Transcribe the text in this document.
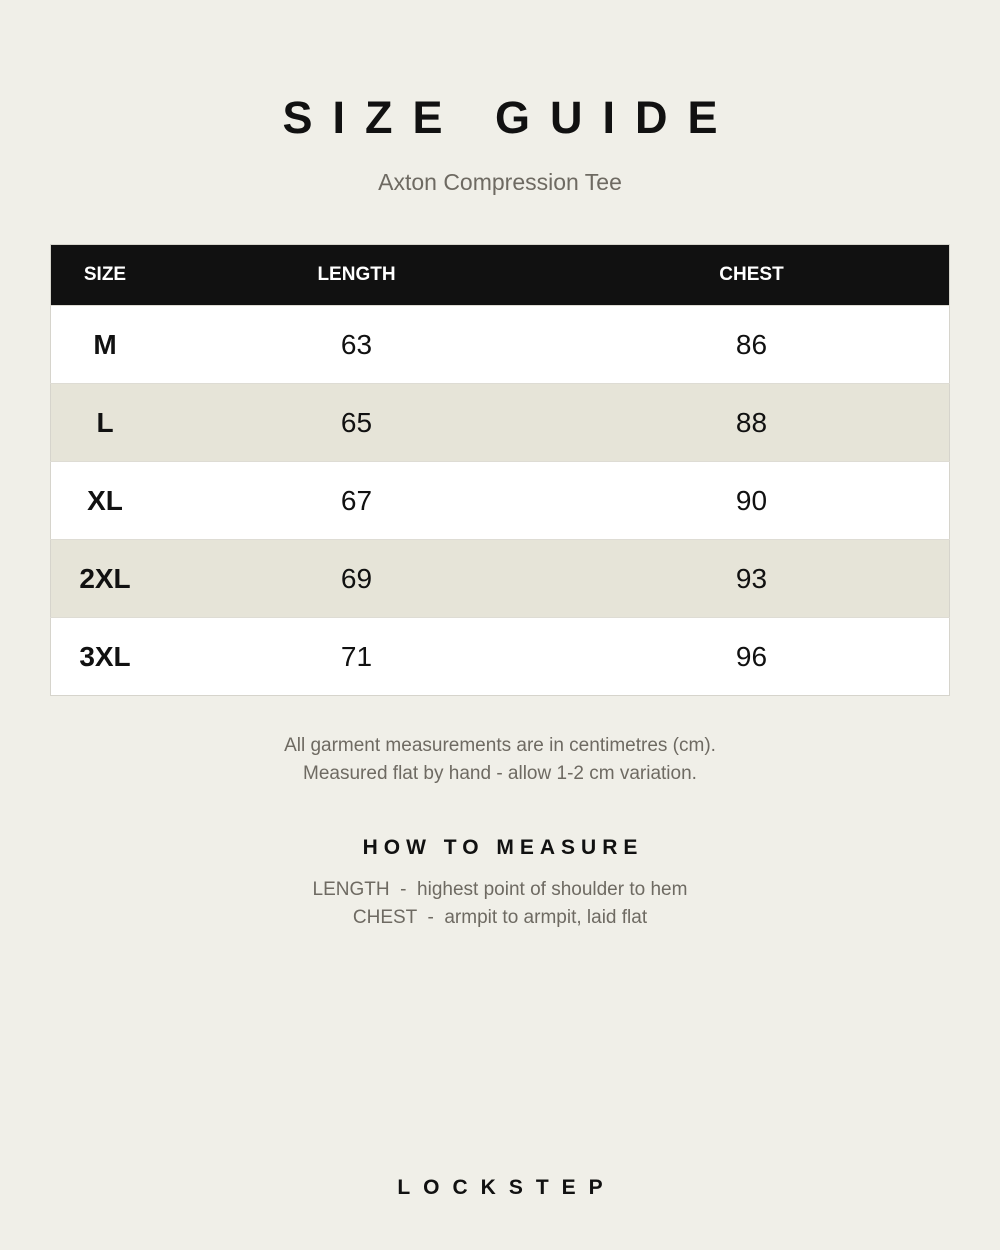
SIZE GUIDE
Axton Compression Tee
SIZE	LENGTH	CHEST
M	63	86
L	65	88
XL	67	90
2XL	69	93
3XL	71	96
All garment measurements are in centimetres (cm).
Measured flat by hand - allow 1-2 cm variation.
HOW TO MEASURE
LENGTH  -  highest point of shoulder to hem
CHEST  -  armpit to armpit, laid flat
LOCKSTEP
